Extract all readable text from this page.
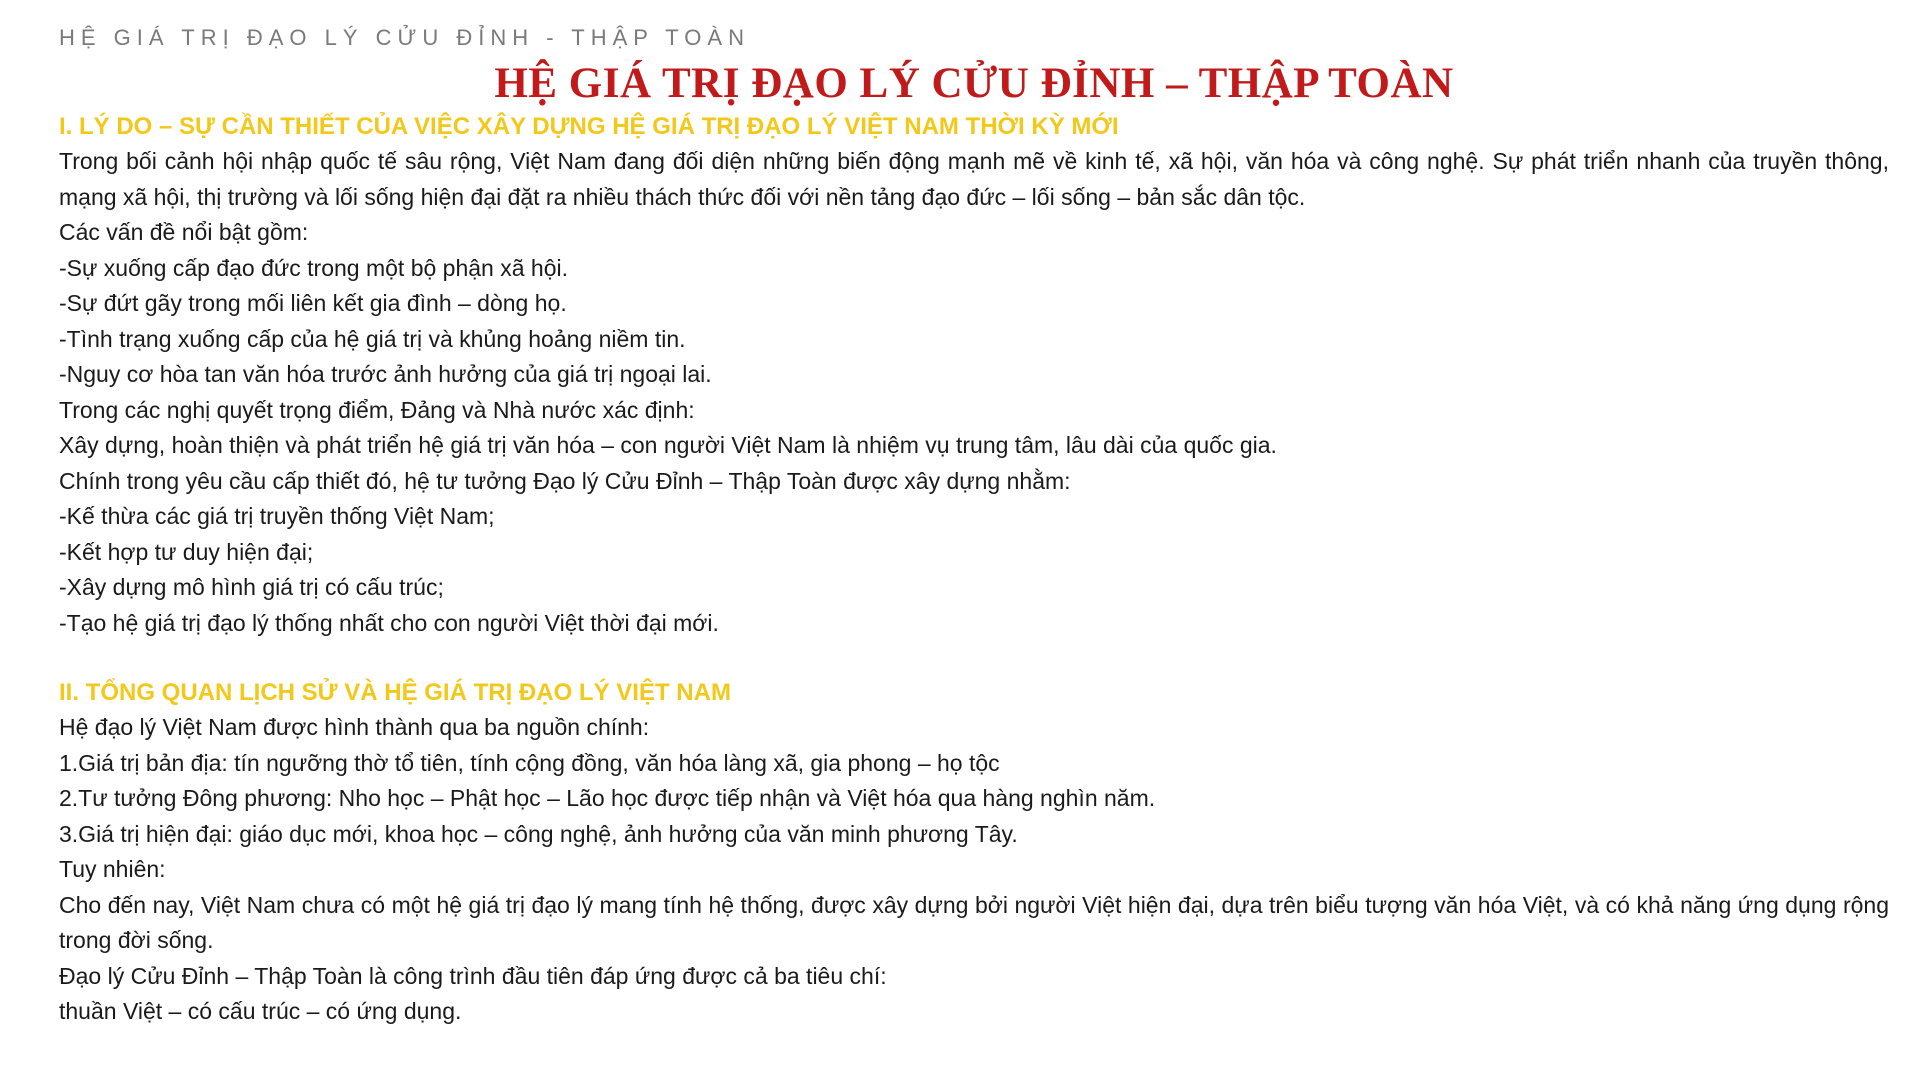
HỆ GIÁ TRỊ ĐẠO LÝ CỬU ĐỈNH - THẬP TOÀN

HỆ GIÁ TRỊ ĐẠO LÝ CỬU ĐỈNH – THẬP TOÀN
I. LÝ DO – SỰ CẦN THIẾT CỦA VIỆC XÂY DỰNG HỆ GIÁ TRỊ ĐẠO LÝ VIỆT NAM THỜI KỲ MỚI

Trong bối cảnh hội nhập quốc tế sâu rộng, Việt Nam đang đối diện những biến động mạnh mẽ về kinh tế, xã hội, văn hóa và công nghệ. Sự phát triển nhanh của truyền thông, mạng xã hội, thị trường và lối sống hiện đại đặt ra nhiều thách thức đối với nền tảng đạo đức – lối sống – bản sắc dân tộc.

Các vấn đề nổi bật gồm:

-Sự xuống cấp đạo đức trong một bộ phận xã hội.

-Sự đứt gãy trong mối liên kết gia đình – dòng họ.

-Tình trạng xuống cấp của hệ giá trị và khủng hoảng niềm tin.

-Nguy cơ hòa tan văn hóa trước ảnh hưởng của giá trị ngoại lai.

Trong các nghị quyết trọng điểm, Đảng và Nhà nước xác định:

Xây dựng, hoàn thiện và phát triển hệ giá trị văn hóa – con người Việt Nam là nhiệm vụ trung tâm, lâu dài của quốc gia.

Chính trong yêu cầu cấp thiết đó, hệ tư tưởng Đạo lý Cửu Đỉnh – Thập Toàn được xây dựng nhằm:

-Kế thừa các giá trị truyền thống Việt Nam;

-Kết hợp tư duy hiện đại;

-Xây dựng mô hình giá trị có cấu trúc;

-Tạo hệ giá trị đạo lý thống nhất cho con người Việt thời đại mới.

II. TỔNG QUAN LỊCH SỬ VÀ HỆ GIÁ TRỊ ĐẠO LÝ VIỆT NAM

Hệ đạo lý Việt Nam được hình thành qua ba nguồn chính:

1.Giá trị bản địa: tín ngưỡng thờ tổ tiên, tính cộng đồng, văn hóa làng xã, gia phong – họ tộc

2.Tư tưởng Đông phương: Nho học – Phật học – Lão học được tiếp nhận và Việt hóa qua hàng nghìn năm.

3.Giá trị hiện đại: giáo dục mới, khoa học – công nghệ, ảnh hưởng của văn minh phương Tây.

Tuy nhiên:

Cho đến nay, Việt Nam chưa có một hệ giá trị đạo lý mang tính hệ thống, được xây dựng bởi người Việt hiện đại, dựa trên biểu tượng văn hóa Việt, và có khả năng ứng dụng rộng trong đời sống.

Đạo lý Cửu Đỉnh – Thập Toàn là công trình đầu tiên đáp ứng được cả ba tiêu chí:

thuần Việt – có cấu trúc – có ứng dụng.
